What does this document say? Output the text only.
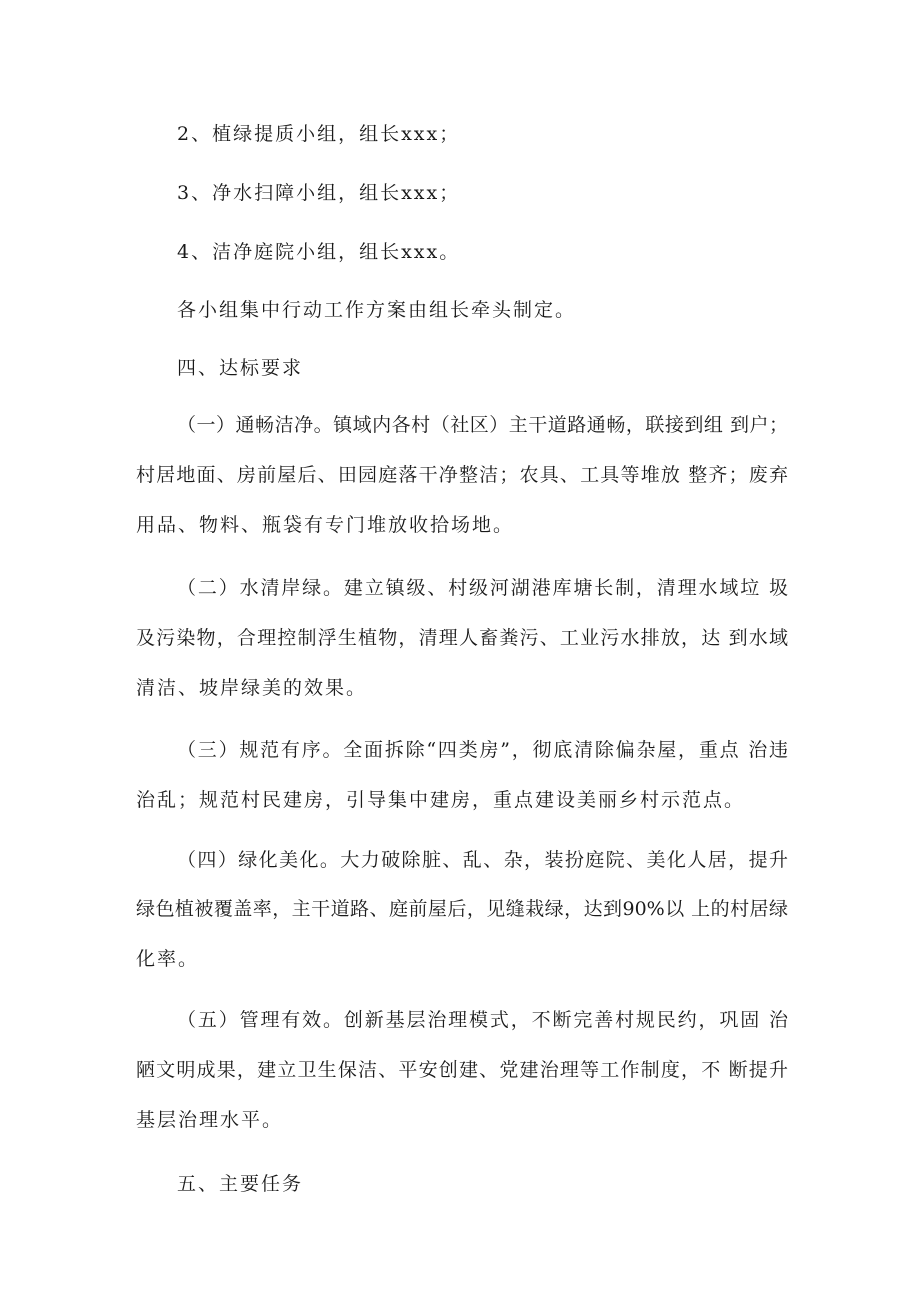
2、植绿提质小组，组长xxx；
3、净水扫障小组，组长xxx；
4、洁净庭院小组，组长xxx。
各小组集中行动工作方案由组长牵头制定。
四、达标要求
（一）通畅洁净。镇域内各村（社区）主干道路通畅，联接到组 到户；
村居地面、房前屋后、田园庭落干净整洁；农具、工具等堆放 整齐；废弃
用品、物料、瓶袋有专门堆放收拾场地。
（二）水清岸绿。建立镇级、村级河湖港库塘长制，清理水域垃 圾
及污染物，合理控制浮生植物，清理人畜粪污、工业污水排放，达 到水域
清洁、坡岸绿美的效果。
（三）规范有序。全面拆除“四类房”，彻底清除偏杂屋，重点 治违
治乱；规范村民建房，引导集中建房，重点建设美丽乡村示范点。
（四）绿化美化。大力破除脏、乱、杂，装扮庭院、美化人居，提升
绿色植被覆盖率，主干道路、庭前屋后，见缝栽绿，达到90%以 上的村居绿
化率。
（五）管理有效。创新基层治理模式，不断完善村规民约，巩固 治
陋文明成果，建立卫生保洁、平安创建、党建治理等工作制度，不 断提升
基层治理水平。
五、主要任务
